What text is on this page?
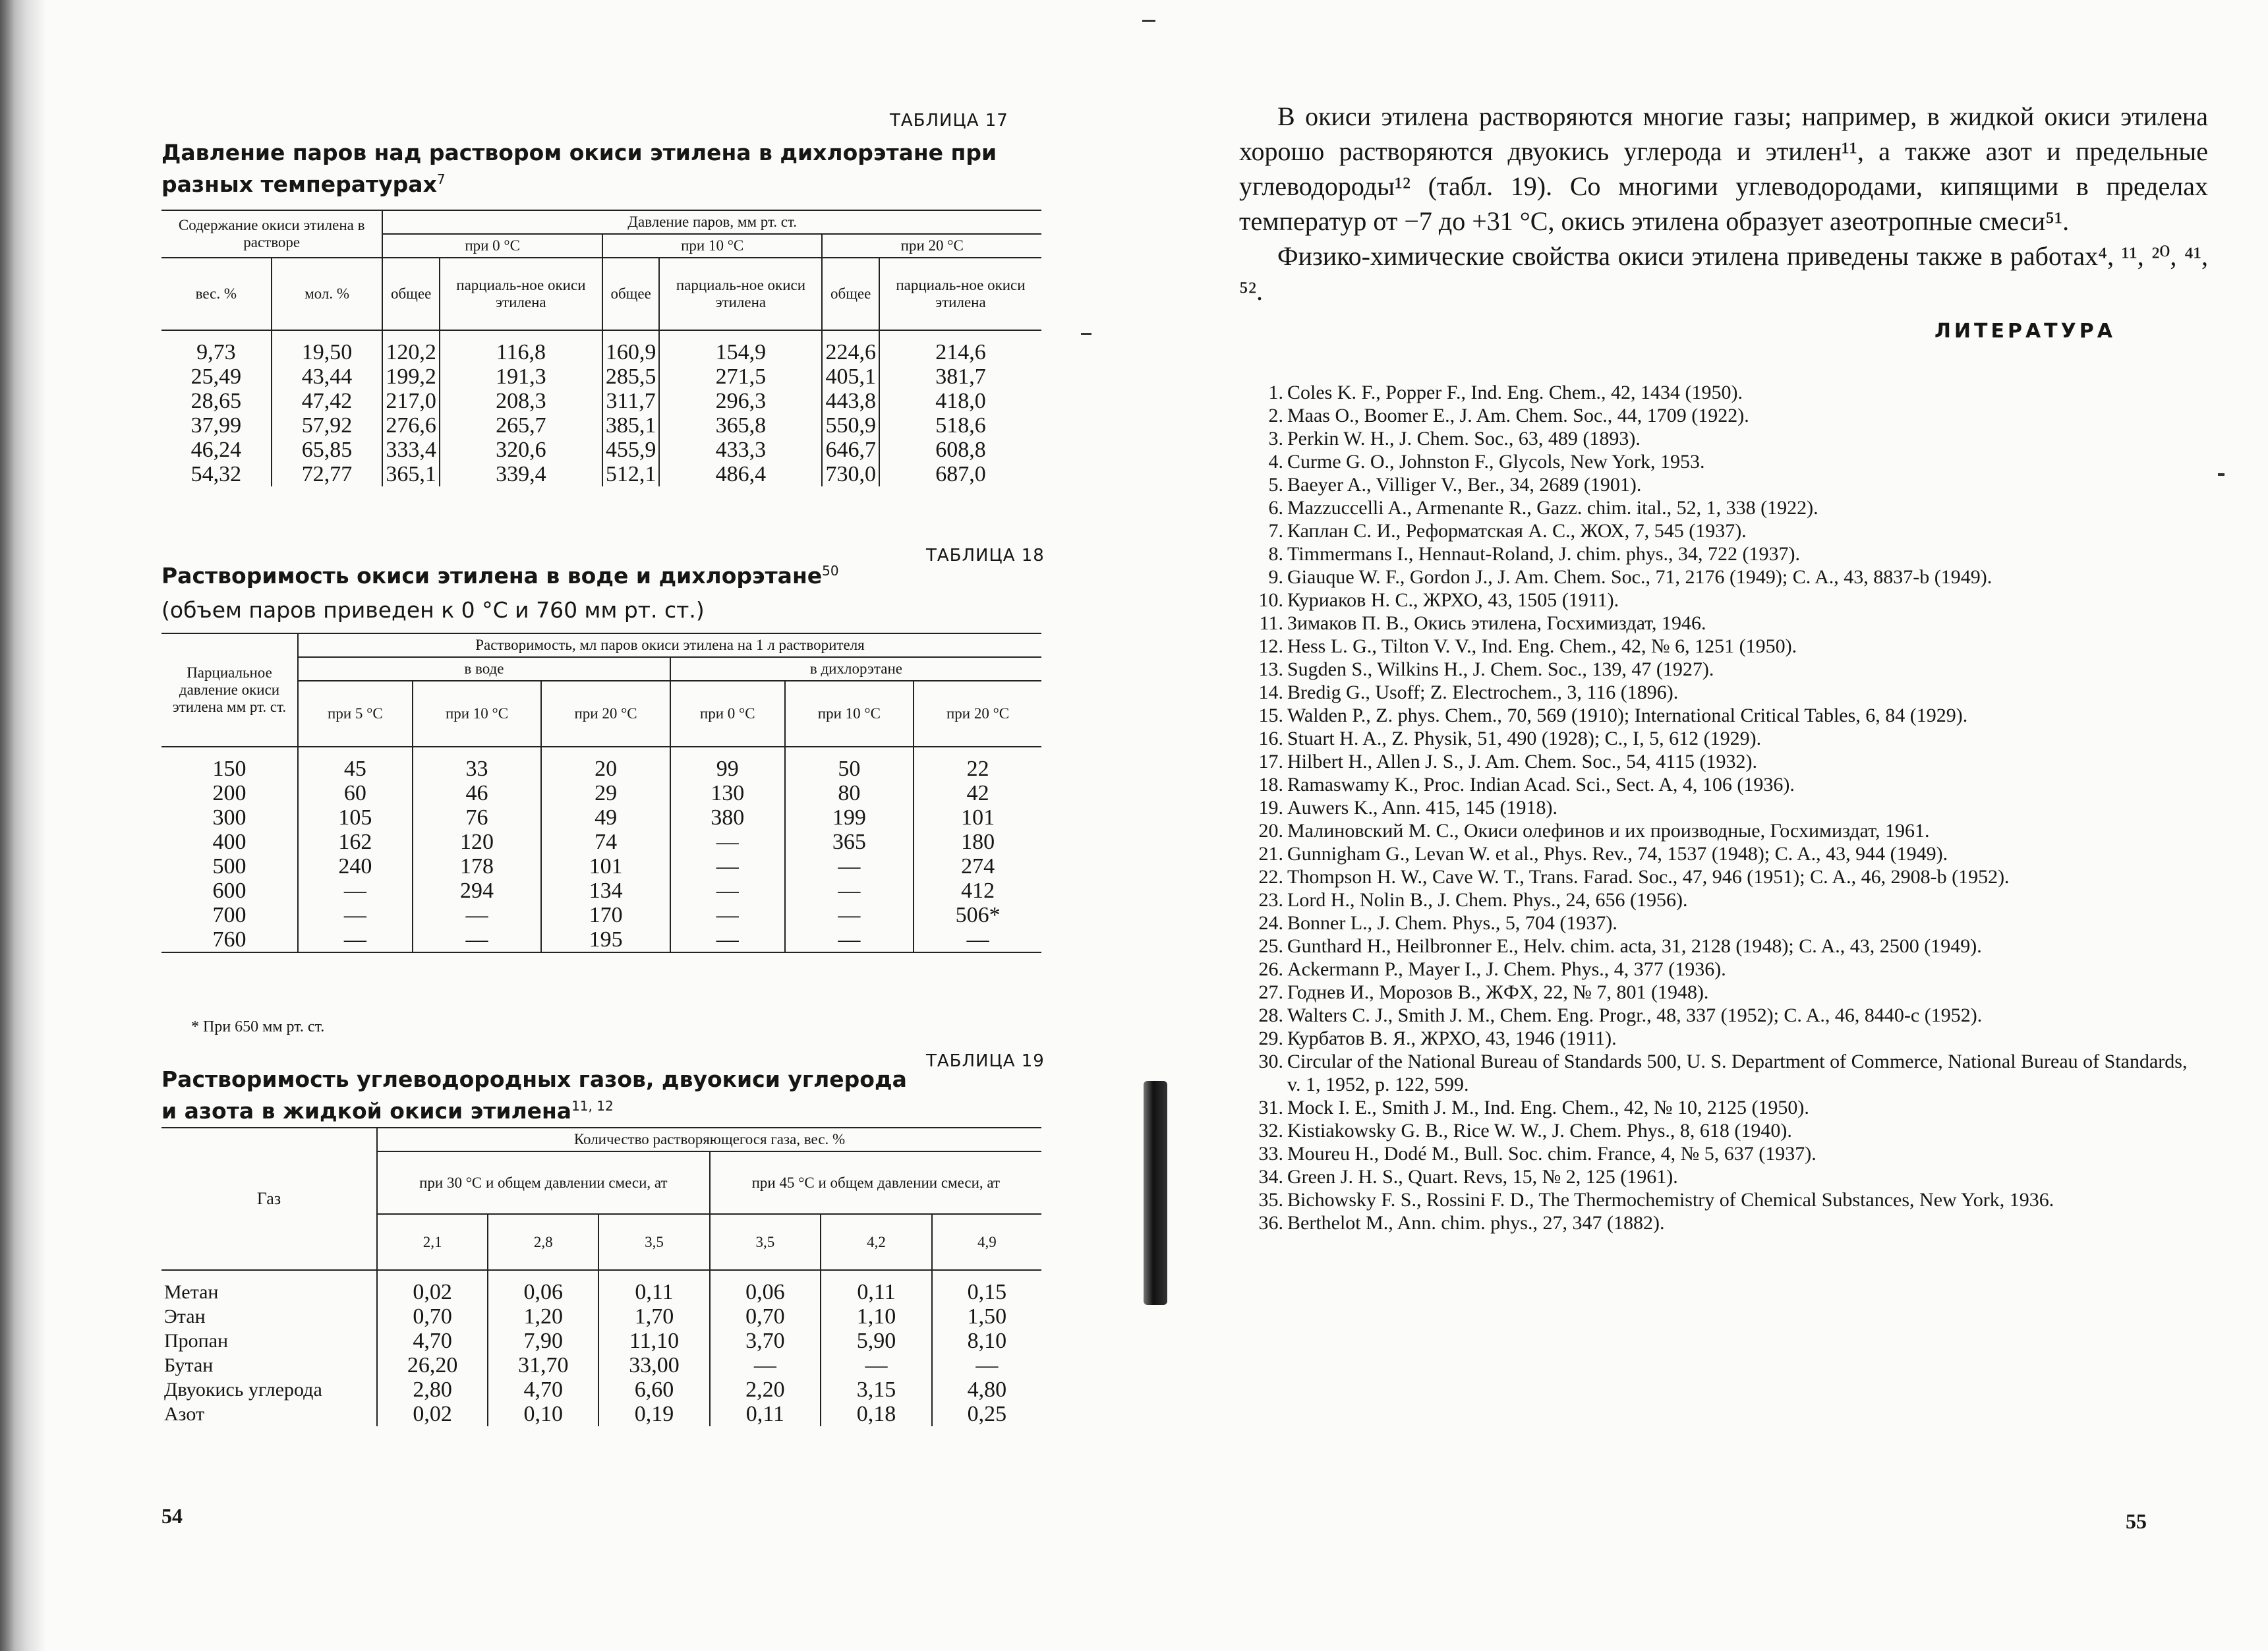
ТАБЛИЦА 17
Давление паров над раствором окиси этилена в дихлорэтане при разных температурах$^7$
Содержание окиси этилена в растворе		Давление паров, мм рт. ст.					
		при 0 °С		при 10 °С		при 20 °С	
вес. %	мол. %	общее	парциаль-ное окиси этилена	общее	парциаль-ное окиси этилена	общее	парциаль-ное окиси этилена
9,73	19,50	120,2	116,8	160,9	154,9	224,6	214,6
25,49	43,44	199,2	191,3	285,5	271,5	405,1	381,7
28,65	47,42	217,0	208,3	311,7	296,3	443,8	418,0
37,99	57,92	276,6	265,7	385,1	365,8	550,9	518,6
46,24	65,85	333,4	320,6	455,9	433,3	646,7	608,8
54,32	72,77	365,1	339,4	512,1	486,4	730,0	687,0
ТАБЛИЦА 18
Растворимость окиси этилена в воде и дихлорэтане$^{50}$
(объем паров приведен к 0 °С и 760 мм рт. ст.)
Парциальное давление окиси этилена мм рт. ст.	Растворимость, мл паров окиси этилена на 1 л растворителя					
	в воде			в дихлорэтане		
	при 5 °С	при 10 °С	при 20 °С	при 0 °С	при 10 °С	при 20 °С
150	45	33	20	99	50	22
200	60	46	29	130	80	42
300	105	76	49	380	199	101
400	162	120	74	—	365	180
500	240	178	101	—	—	274
600	—	294	134	—	—	412
700	—	—	170	—	—	506*
760	—	—	195	—	—	—
* При 650 мм рт. ст.
ТАБЛИЦА 19
Растворимость углеводородных газов, двуокиси углерода и азота в жидкой окиси этилена$^{11, 12}$
Газ	Количество растворяющегося газа, вес. %					
	при 30 °С и общем давлении смеси, ат			при 45 °С и общем давлении смеси, ат		
	2,1	2,8	3,5	3,5	4,2	4,9
Метан	0,02	0,06	0,11	0,06	0,11	0,15
Этан	0,70	1,20	1,70	0,70	1,10	1,50
Пропан	4,70	7,90	11,10	3,70	5,90	8,10
Бутан	26,20	31,70	33,00	—	—	—
Двуокись углерода	2,80	4,70	6,60	2,20	3,15	4,80
Азот	0,02	0,10	0,19	0,11	0,18	0,25
54

В окиси этилена растворяются многие газы; например, в жидкой окиси этилена хорошо растворяются двуокись углерода и этилен¹¹, а также азот и предельные углеводороды¹² (табл. 19). Со многими углеводородами, кипящими в пределах температур от −7 до +31 °С, окись этилена образует азеотропные смеси⁵¹.

Физико-химические свойства окиси этилена приведены также в работах⁴, ¹¹, ²⁰, ⁴¹, ⁵².

ЛИТЕРАТУРА
1. Coles K. F., Popper F., Ind. Eng. Chem., 42, 1434 (1950).
2. Maas O., Boomer E., J. Am. Chem. Soc., 44, 1709 (1922).
3. Perkin W. H., J. Chem. Soc., 63, 489 (1893).
4. Curme G. O., Johnston F., Glycols, New York, 1953.
5. Baeyer A., Villiger V., Ber., 34, 2689 (1901).
6. Mazzuccelli A., Armenante R., Gazz. chim. ital., 52, 1, 338 (1922).
7. Каплан С. И., Реформатская А. С., ЖОХ, 7, 545 (1937).
8. Timmermans I., Hennaut-Roland, J. chim. phys., 34, 722 (1937).
9. Giauque W. F., Gordon J., J. Am. Chem. Soc., 71, 2176 (1949); C. A., 43, 8837-b (1949).
10. Куриаков Н. С., ЖРХО, 43, 1505 (1911).
11. Зимаков П. В., Окись этилена, Госхимиздат, 1946.
12. Hess L. G., Tilton V. V., Ind. Eng. Chem., 42, № 6, 1251 (1950).
13. Sugden S., Wilkins H., J. Chem. Soc., 139, 47 (1927).
14. Bredig G., Usoff; Z. Electrochem., 3, 116 (1896).
15. Walden P., Z. phys. Chem., 70, 569 (1910); International Critical Tables, 6, 84 (1929).
16. Stuart H. A., Z. Physik, 51, 490 (1928); C., I, 5, 612 (1929).
17. Hilbert H., Allen J. S., J. Am. Chem. Soc., 54, 4115 (1932).
18. Ramaswamy K., Proc. Indian Acad. Sci., Sect. A, 4, 106 (1936).
19. Auwers K., Ann. 415, 145 (1918).
20. Малиновский М. С., Окиси олефинов и их производные, Госхимиздат, 1961.
21. Gunnigham G., Levan W. et al., Phys. Rev., 74, 1537 (1948); C. A., 43, 944 (1949).
22. Thompson H. W., Cave W. T., Trans. Farad. Soc., 47, 946 (1951); C. A., 46, 2908-b (1952).
23. Lord H., Nolin B., J. Chem. Phys., 24, 656 (1956).
24. Bonner L., J. Chem. Phys., 5, 704 (1937).
25. Gunthard H., Heilbronner E., Helv. chim. acta, 31, 2128 (1948); C. A., 43, 2500 (1949).
26. Ackermann P., Mayer I., J. Chem. Phys., 4, 377 (1936).
27. Годнев И., Морозов В., ЖФХ, 22, № 7, 801 (1948).
28. Walters C. J., Smith J. M., Chem. Eng. Progr., 48, 337 (1952); C. A., 46, 8440-c (1952).
29. Курбатов В. Я., ЖРХО, 43, 1946 (1911).
30. Circular of the National Bureau of Standards 500, U. S. Department of Commerce, National Bureau of Standards, v. 1, 1952, p. 122, 599.
31. Mock I. E., Smith J. M., Ind. Eng. Chem., 42, № 10, 2125 (1950).
32. Kistiakowsky G. B., Rice W. W., J. Chem. Phys., 8, 618 (1940).
33. Moureu H., Dodé M., Bull. Soc. chim. France, 4, № 5, 637 (1937).
34. Green J. H. S., Quart. Revs, 15, № 2, 125 (1961).
35. Bichowsky F. S., Rossini F. D., The Thermochemistry of Chemical Substances, New York, 1936.
36. Berthelot M., Ann. chim. phys., 27, 347 (1882).
55
